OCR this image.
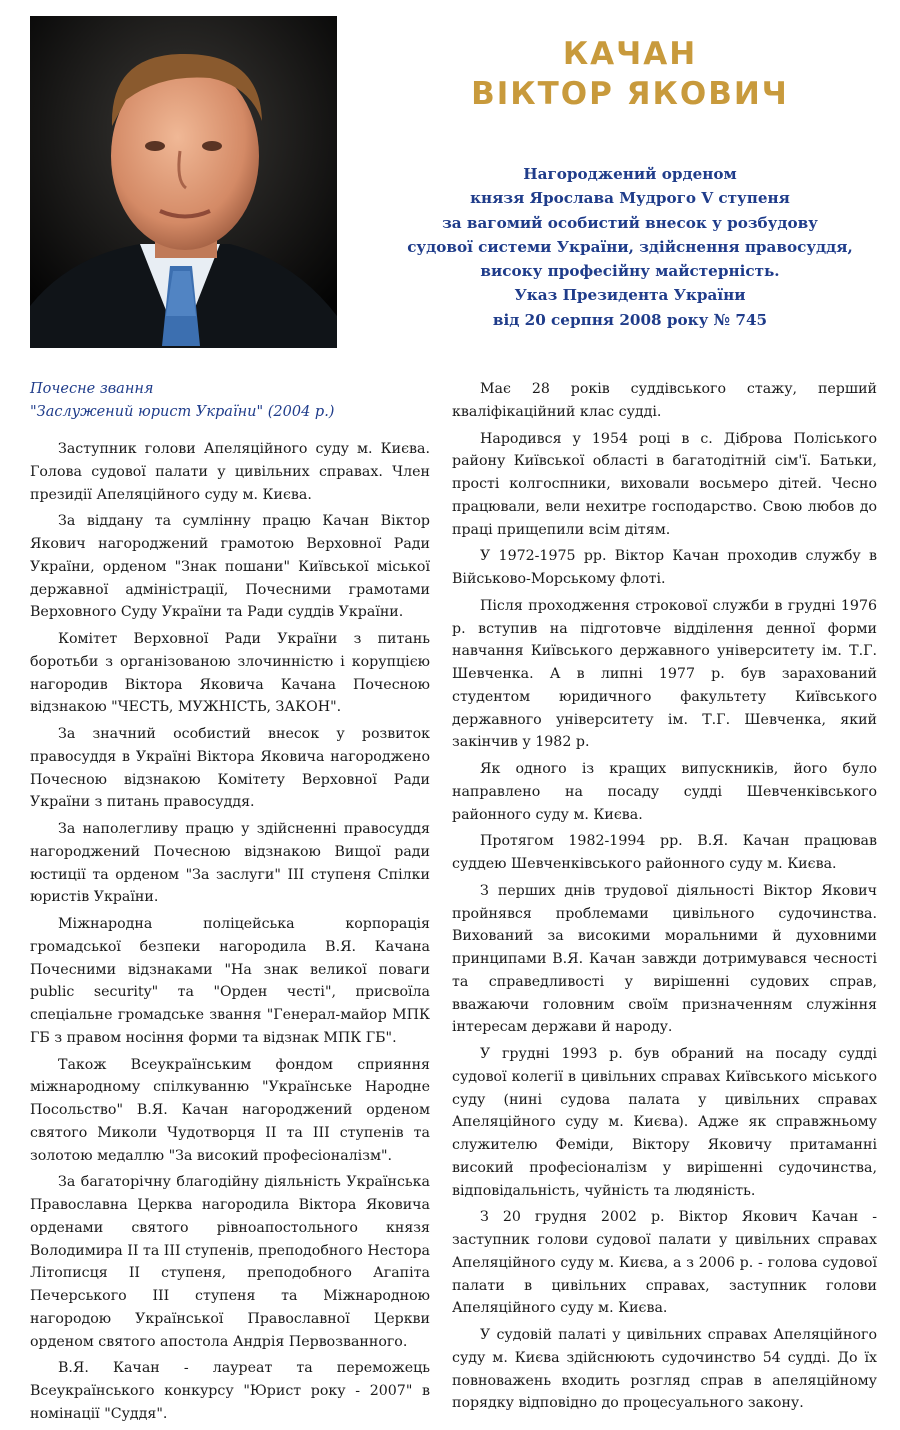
КАЧАН
ВІКТОР ЯКОВИЧ
Нагороджений орденом
князя Ярослава Мудрого V ступеня
за вагомий особистий внесок у розбудову
судової системи України, здійснення правосуддя,
високу професійну майстерність.
Указ Президента України
від 20 серпня 2008 року № 745
Почесне звання
"Заслужений юрист України" (2004 р.)

Заступник голови Апеляційного суду м. Києва. Голова судової палати у цивільних справах. Член президії Апеляційного суду м. Києва.

За віддану та сумлінну працю Качан Віктор Якович нагороджений грамотою Верховної Ради України, орденом "Знак пошани" Київської міської державної адміністрації, Почесними грамотами Верховного Суду України та Ради суддів України.

Комітет Верховної Ради України з питань боротьби з організованою злочинністю і корупцією нагородив Віктора Яковича Качана Почесною відзнакою "ЧЕСТЬ, МУЖНІСТЬ, ЗАКОН".

За значний особистий внесок у розвиток правосуддя в Україні Віктора Яковича нагороджено Почесною відзнакою Комітету Верховної Ради України з питань правосуддя.

За наполегливу працю у здійсненні правосуддя нагороджений Почесною відзнакою Вищої ради юстиції та орденом "За заслуги" ІІІ ступеня Спілки юристів України.

Міжнародна поліцейська корпорація громадської безпеки нагородила В.Я. Качана Почесними відзнаками "На знак великої поваги public security" та "Орден честі", присвоїла спеціальне громадське звання "Генерал-майор МПК ГБ з правом носіння форми та відзнак МПК ГБ".

Також Всеукраїнським фондом сприяння міжнародному спілкуванню "Українське Народне Посольство" В.Я. Качан нагороджений орденом святого Миколи Чудотворця ІІ та ІІІ ступенів та золотою медаллю "За високий професіоналізм".

За багаторічну благодійну діяльність Українська Православна Церква нагородила Віктора Яковича орденами святого рівноапостольного князя Володимира ІІ та ІІІ ступенів, преподобного Нестора Літописця ІІ ступеня, преподобного Агапіта Печерського ІІІ ступеня та Міжнародною нагородою Української Православної Церкви орденом святого апостола Андрія Первозванного.

В.Я. Качан - лауреат та переможець Всеукраїнського конкурсу "Юрист року - 2007" в номінації "Суддя".

Має 28 років суддівського стажу, перший кваліфікаційний клас судді.

Народився у 1954 році в с. Діброва Поліського району Київської області в багатодітній сім'ї. Батьки, прості колгоспники, виховали восьмеро дітей. Чесно працювали, вели нехитре господарство. Свою любов до праці прищепили всім дітям.

У 1972-1975 рр. Віктор Качан проходив службу в Військово-Морському флоті.

Після проходження строкової служби в грудні 1976 р. вступив на підготовче відділення денної форми навчання Київського державного університету ім. Т.Г. Шевченка. А в липні 1977 р. був зарахований студентом юридичного факультету Київського державного університету ім. Т.Г. Шевченка, який закінчив у 1982 р.

Як одного із кращих випускників, його було направлено на посаду судді Шевченківського районного суду м. Києва.

Протягом 1982-1994 рр. В.Я. Качан працював суддею Шевченківського районного суду м. Києва.

З перших днів трудової діяльності Віктор Якович пройнявся проблемами цивільного судочинства. Вихований за високими моральними й духовними принципами В.Я. Качан завжди дотримувався чесності та справедливості у вирішенні судових справ, вважаючи головним своїм призначенням служіння інтересам держави й народу.

У грудні 1993 р. був обраний на посаду судді судової колегії в цивільних справах Київського міського суду (нині судова палата у цивільних справах Апеляційного суду м. Києва). Адже як справжньому служителю Феміди, Віктору Яковичу притаманні високий професіоналізм у вирішенні судочинства, відповідальність, чуйність та людяність.

З 20 грудня 2002 р. Віктор Якович Качан - заступник голови судової палати у цивільних справах Апеляційного суду м. Києва, а з 2006 р. - голова судової палати в цивільних справах, заступник голови Апеляційного суду м. Києва.

У судовій палаті у цивільних справах Апеляційного суду м. Києва здійснюють судочинство 54 судді. До їх повноважень входить розгляд справ в апеляційному порядку відповідно до процесуального закону.
